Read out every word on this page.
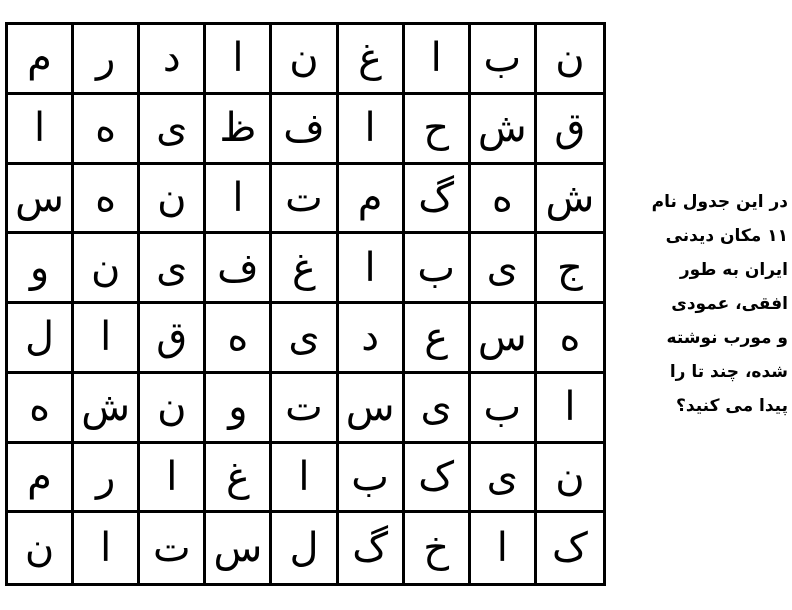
م	ر	د	ا	ن غ	ا	ب ن
ا	ه ی ظ ف ا	ح ش ق
س ه	ن	ا	ت م گ ه ش
و	ن ی ف غ	ا	ب ی ج
ل	ا	ق	ه ی	د	ع س ه
ه ش ن	و ت س ی ب	ا
م	ر	ا	غ	ا	ب ک ی ن
ن	ا	ت س ل گ خ	ا	ک
در این جدول نام
۱۱ مکان دیدنی
ایران به طور
افقی، عمودی
و مورب نوشته
شده، چند تا را
پیدا می کنید؟
